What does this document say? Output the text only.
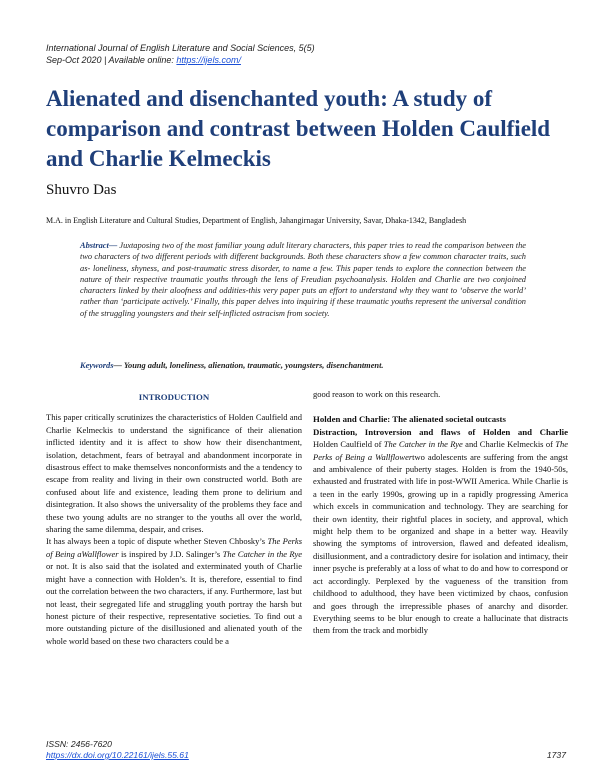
International Journal of English Literature and Social Sciences, 5(5)
Sep-Oct 2020 | Available online: https://ijels.com/
Alienated and disenchanted youth: A study of comparison and contrast between Holden Caulfield and Charlie Kelmeckis
Shuvro Das
M.A. in English Literature and Cultural Studies, Department of English, Jahangirnagar University, Savar, Dhaka-1342, Bangladesh
Abstract— Juxtaposing two of the most familiar young adult literary characters, this paper tries to read the comparison between the two characters of two different periods with different backgrounds. Both these characters show a few common character traits, such as- loneliness, shyness, and post-traumatic stress disorder, to name a few. This paper tends to explore the connection between the nature of their respective traumatic youths through the lens of Freudian psychoanalysis. Holden and Charlie are two conjoined characters linked by their aloofness and oddities-this very paper puts an effort to understand why they want to ‘observe the world’ rather than ‘participate actively.’ Finally, this paper delves into inquiring if these traumatic youths represent the universal condition of the struggling youngsters and their self-inflicted ostracism from society.
Keywords— Young adult, loneliness, alienation, traumatic, youngsters, disenchantment.
INTRODUCTION

This paper critically scrutinizes the characteristics of Holden Caulfield and Charlie Kelmeckis to understand the significance of their alienation inflicted identity and it is affect to show how their disenchantment, isolation, detachment, fears of betrayal and abandonment incorporate in disastrous effect to make themselves nonconformists and the a tendency to escape from reality and living in their own constructed world. Both are confused about life and existence, leading them prone to delirium and disintegration. It also shows the universality of the problems they face and these two young adults are no stranger to the youths all over the world, sharing the same dilemma, despair, and crises.

It has always been a topic of dispute whether Steven Chbosky’s The Perks of Being aWallflower is inspired by J.D. Salinger’s The Catcher in the Rye or not. It is also said that the isolated and exterminated youth of Charlie might have a connection with Holden’s. It is, therefore, essential to find out the correlation between the two characters, if any. Furthermore, last but not least, their segregated life and struggling youth portray the harsh but honest picture of their respective, representative societies. To find out a more outstanding picture of the disillusioned and alienated youth of the whole world based on these two characters could be a

good reason to work on this research.

Holden and Charlie: The alienated societal outcasts

Distraction, Introversion and flaws of Holden and Charlie

Holden Caulfield of The Catcher in the Rye and Charlie Kelmeckis of The Perks of Being a Wallflowertwo adolescents are suffering from the angst and ambivalence of their puberty stages. Holden is from the 1940-50s, exhausted and frustrated with life in post-WWII America. While Charlie is a teen in the early 1990s, growing up in a rapidly progressing America which excels in communication and technology. They are searching for their own identity, their rightful places in society, and approval, which might help them to be organized and shape in a better way. Heavily showing the symptoms of introversion, flawed and defeated idealism, disillusionment, and a contradictory desire for isolation and intimacy, their inner psyche is preferably at a loss of what to do and how to correspond or act accordingly. Perplexed by the vagueness of the transition from childhood to adulthood, they have been victimized by chaos, confusion and goes through the irrepressible phases of anarchy and disorder. Everything seems to be blur enough to create a hallucinate that distracts them from the track and morbidly

ISSN: 2456-7620
https://dx.doi.org/10.22161/ijels.55.61	1737
